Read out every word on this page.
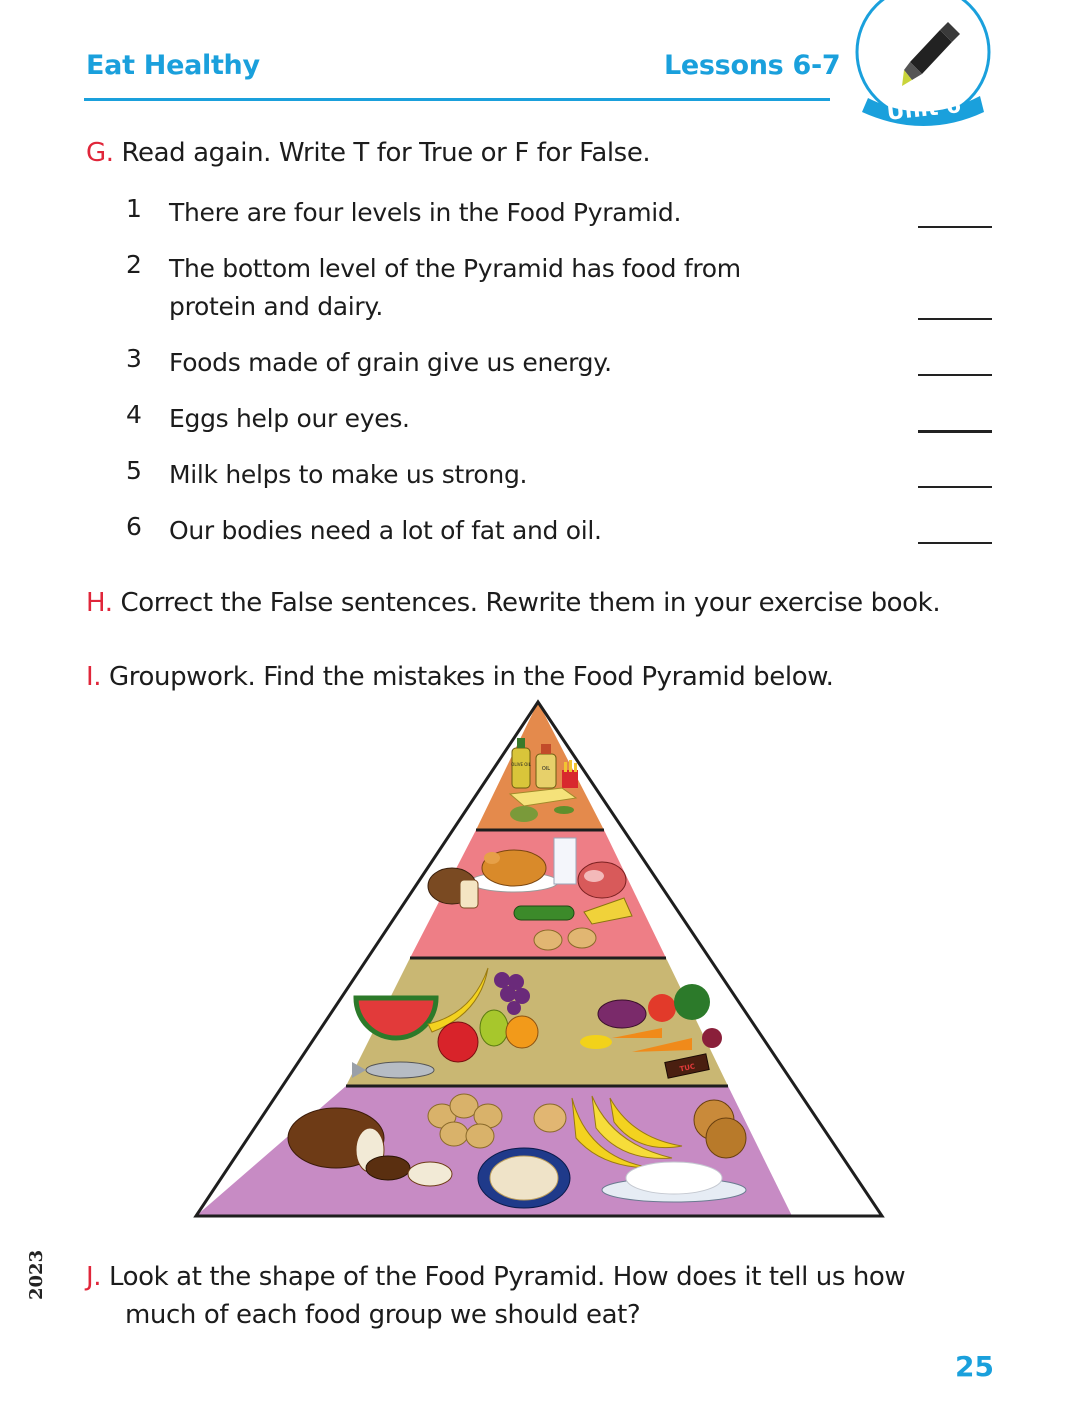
Eat Healthy	Lessons 6-7
Unit 6
G. Read again. Write T for True or F for False.
1	There are four levels in the Food Pyramid.
2	The bottom level of the Pyramid has food from
protein and dairy.
3	Foods made of grain give us energy.
4	Eggs help our eyes.
5	Milk helps to make us strong.
6	Our bodies need a lot of fat and oil.
H. Correct the False sentences. Rewrite them in your exercise book.
I. Groupwork. Find the mistakes in the Food Pyramid below.
OLIVE OIL
OIL
TUC
J. Look at the shape of the Food Pyramid. How does it tell us how
much of each food group we should eat?
2023
25
